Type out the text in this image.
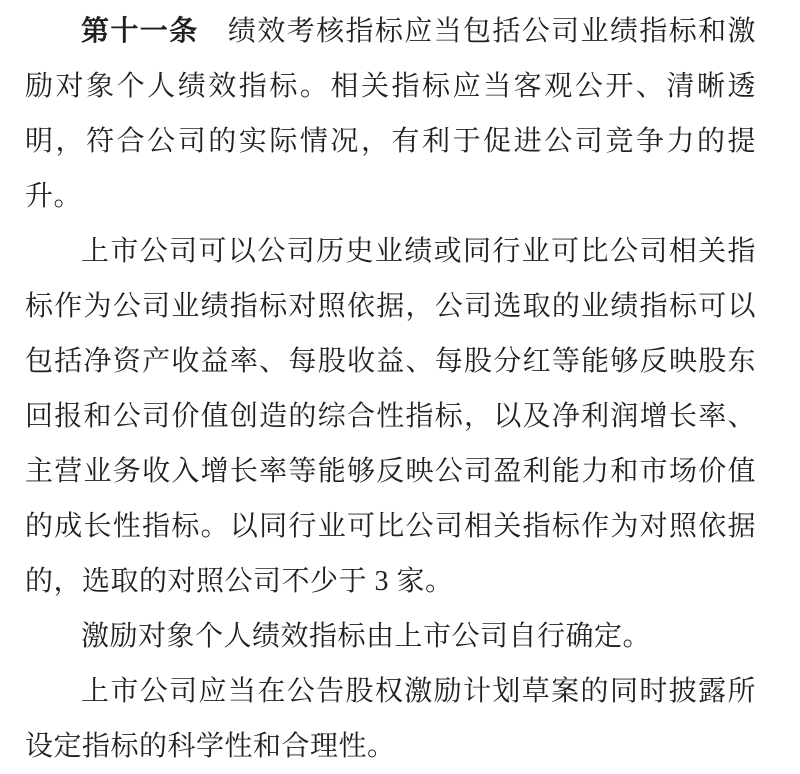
第十一条　绩效考核指标应当包括公司业绩指标和激励对象个人绩效指标。相关指标应当客观公开、清晰透明，符合公司的实际情况，有利于促进公司竞争力的提升。

上市公司可以公司历史业绩或同行业可比公司相关指标作为公司业绩指标对照依据，公司选取的业绩指标可以包括净资产收益率、每股收益、每股分红等能够反映股东回报和公司价值创造的综合性指标，以及净利润增长率、主营业务收入增长率等能够反映公司盈利能力和市场价值的成长性指标。以同行业可比公司相关指标作为对照依据的，选取的对照公司不少于 3 家。

激励对象个人绩效指标由上市公司自行确定。

上市公司应当在公告股权激励计划草案的同时披露所设定指标的科学性和合理性。
